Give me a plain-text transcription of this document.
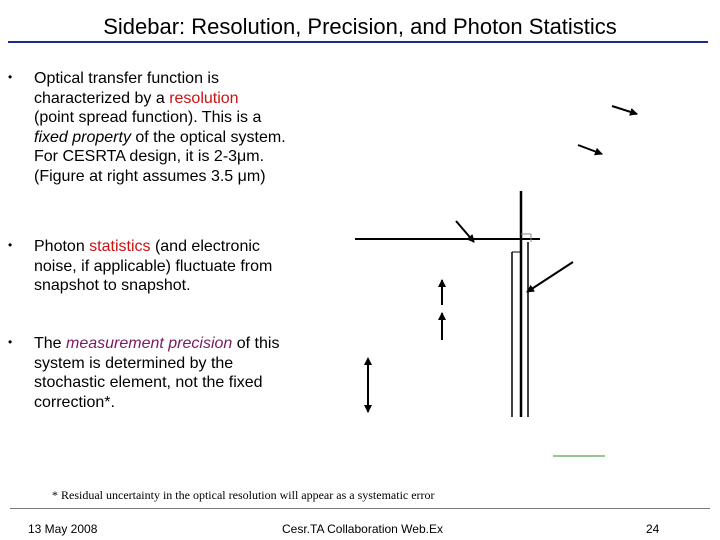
Sidebar: Resolution, Precision, and Photon Statistics
• Optical transfer function is
characterized by a resolution
(point spread function). This is a
fixed property of the optical system.
For CESRTA design, it is 2-3μm.
(Figure at right assumes 3.5 μm)
• Photon statistics (and electronic
noise, if applicable) fluctuate from
snapshot to snapshot.
• The measurement precision of this
system is determined by the
stochastic element, not the fixed
correction*.
* Residual uncertainty in the optical resolution will appear as a systematic error
13 May 2008	Cesr.TA Collaboration Web.Ex	24
